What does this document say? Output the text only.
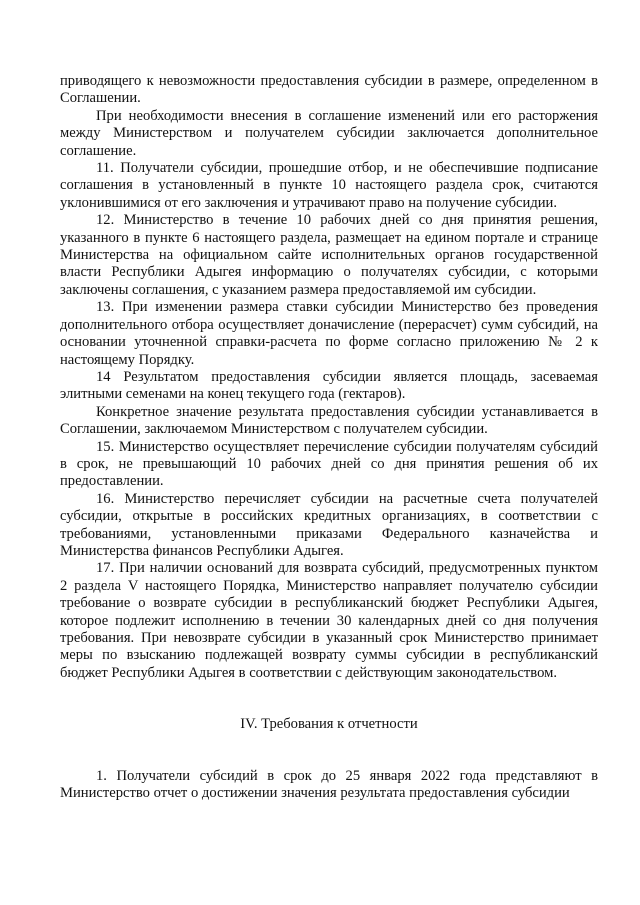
приводящего к невозможности предоставления субсидии в размере, определенном в Соглашении.

При необходимости внесения в соглашение изменений или его расторжения между Министерством и получателем субсидии заключается дополнительное соглашение.

11. Получатели субсидии, прошедшие отбор, и не обеспечившие подписание соглашения в установленный в пункте 10 настоящего раздела срок, считаются уклонившимися от его заключения и утрачивают право на получение субсидии.

12. Министерство в течение 10 рабочих дней со дня принятия решения, указанного в пункте 6 настоящего раздела, размещает на едином портале и странице Министерства на официальном сайте исполнительных органов государственной власти Республики Адыгея информацию о получателях субсидии, с которыми заключены соглашения, с указанием размера предоставляемой им субсидии.

13. При изменении размера ставки субсидии Министерство без проведения дополнительного отбора осуществляет доначисление (перерасчет) сумм субсидий, на основании уточненной справки-расчета по форме согласно приложению № 2 к настоящему Порядку.

14 Результатом предоставления субсидии является площадь, засеваемая элитными семенами на конец текущего года (гектаров).

Конкретное значение результата предоставления субсидии устанавливается в Соглашении, заключаемом Министерством с получателем субсидии.

15. Министерство осуществляет перечисление субсидии получателям субсидий в срок, не превышающий 10 рабочих дней со дня принятия решения об их предоставлении.

16. Министерство перечисляет субсидии на расчетные счета получателей субсидии, открытые в российских кредитных организациях, в соответствии с требованиями, установленными приказами Федерального казначейства и Министерства финансов Республики Адыгея.

17. При наличии оснований для возврата субсидий, предусмотренных пунктом 2 раздела V настоящего Порядка, Министерство направляет получателю субсидии требование о возврате субсидии в республиканский бюджет Республики Адыгея, которое подлежит исполнению в течении 30 календарных дней со дня получения требования. При невозврате субсидии в указанный срок Министерство принимает меры по взысканию подлежащей возврату суммы субсидии в республиканский бюджет Республики Адыгея в соответствии с действующим законодательством.

IV. Требования к отчетности

1. Получатели субсидий в срок до 25 января 2022 года представляют в Министерство отчет о достижении значения результата предоставления субсидии
